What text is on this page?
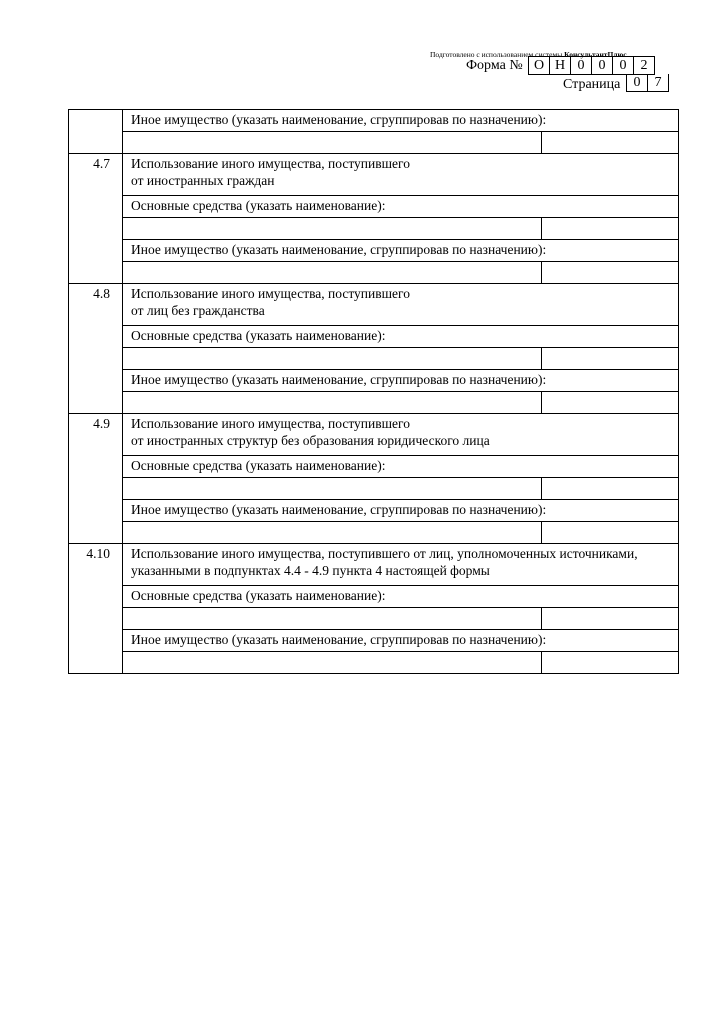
Подготовлено с использованием системы КонсультантПлюс
Форма № О Н 0	0	0	2
Страница 0	7
	Иное имущество (указать наименование, сгруппировав по назначению):	

4.7	Использование иного имущества, поступившего
от иностранных граждан	

	Основные средства (указать наименование):	

	Иное имущество (указать наименование, сгруппировав по назначению):	

4.8	Использование иного имущества, поступившего
от лиц без гражданства	

	Основные средства (указать наименование):	

	Иное имущество (указать наименование, сгруппировав по назначению):	

4.9	Использование иного имущества, поступившего
от иностранных структур без образования юридического лица	

	Основные средства (указать наименование):	

	Иное имущество (указать наименование, сгруппировав по назначению):	

4.10	Использование иного имущества, поступившего от лиц, уполномоченных источниками,
указанными в подпунктах 4.4 - 4.9 пункта 4 настоящей формы	

	Основные средства (указать наименование):	

	Иное имущество (указать наименование, сгруппировав по назначению):	
